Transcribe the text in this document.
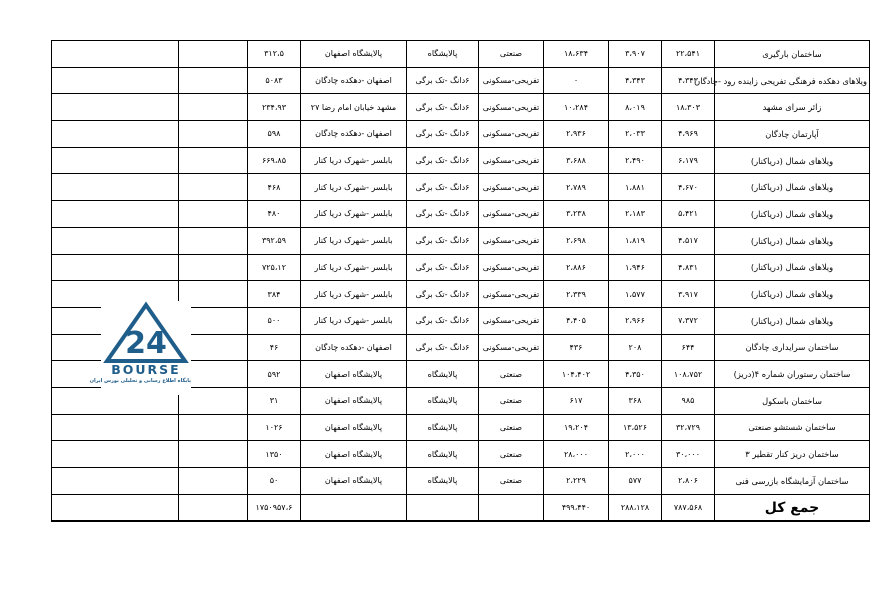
		۳۱۲،۵	پالایشگاه اصفهان	پالایشگاه	صنعتی	۱۸،۶۳۴	۳،۹۰۷	۲۲،۵۴۱	ساختمان بارگیری
		۵۰۸۳	اصفهان -دهکده چادگان	۶دانگ -تک برگی	تفریحی-مسکونی	۰	۴،۳۴۳	۴،۳۴۳	ویلاهای دهکده فرهنگی تفریحی زاینده رود -چادگان
		۲۳۴،۹۳	مشهد خیابان امام رضا ۲۷	۶دانگ -تک برگی	تفریحی-مسکونی	۱۰،۲۸۴	۸،۰۱۹	۱۸،۳۰۳	زائر سرای مشهد
		۵۹۸	اصفهان -دهکده چادگان	۶دانگ -تک برگی	تفریحی-مسکونی	۲،۹۳۶	۲،۰۳۳	۴،۹۶۹	آپارتمان چادگان
		۶۶۹،۸۵	بابلسر -شهرک دریا کنار	۶دانگ -تک برگی	تفریحی-مسکونی	۳،۶۸۸	۲،۴۹۰	۶،۱۷۹	ویلاهای شمال (دریاکنار)
		۴۶۸	بابلسر -شهرک دریا کنار	۶دانگ -تک برگی	تفریحی-مسکونی	۲،۷۸۹	۱،۸۸۱	۴،۶۷۰	ویلاهای شمال (دریاکنار)
		۴۸۰	بابلسر -شهرک دریا کنار	۶دانگ -تک برگی	تفریحی-مسکونی	۳،۲۳۸	۲،۱۸۳	۵،۴۲۱	ویلاهای شمال (دریاکنار)
		۳۹۲،۵۹	بابلسر -شهرک دریا کنار	۶دانگ -تک برگی	تفریحی-مسکونی	۲،۶۹۸	۱،۸۱۹	۴،۵۱۷	ویلاهای شمال (دریاکنار)
		۷۲۵،۱۲	بابلسر -شهرک دریا کنار	۶دانگ -تک برگی	تفریحی-مسکونی	۲،۸۸۶	۱،۹۴۶	۴،۸۳۱	ویلاهای شمال (دریاکنار)
		۳۸۴	بابلسر -شهرک دریا کنار	۶دانگ -تک برگی	تفریحی-مسکونی	۲،۳۳۹	۱،۵۷۷	۳،۹۱۷	ویلاهای شمال (دریاکنار)
		۵۰۰	بابلسر -شهرک دریا کنار	۶دانگ -تک برگی	تفریحی-مسکونی	۴،۴۰۵	۲،۹۶۶	۷،۳۷۲	ویلاهای شمال (دریاکنار)
		۴۶	اصفهان -دهکده چادگان	۶دانگ -تک برگی	تفریحی-مسکونی	۴۳۶	۲۰۸	۶۴۴	ساختمان سرایداری چادگان
		۵۹۲	پالایشگاه اصفهان	پالایشگاه	صنعتی	۱۰۴،۴۰۲	۴،۳۵۰	۱۰۸،۷۵۲	ساختمان رستوران شماره ۴(دریز)
		۳۱	پالایشگاه اصفهان	پالایشگاه	صنعتی	۶۱۷	۳۶۸	۹۸۵	ساختمان باسکول
		۱۰۲۶	پالایشگاه اصفهان	پالایشگاه	صنعتی	۱۹،۲۰۴	۱۳،۵۲۶	۳۲،۷۲۹	ساختمان شستشو صنعتی
		۱۳۵۰	پالایشگاه اصفهان	پالایشگاه	صنعتی	۲۸،۰۰۰	۲،۰۰۰	۳۰،۰۰۰	ساختمان دریز کنار تقطیر ۳
		۵۰	پالایشگاه اصفهان	پالایشگاه	صنعتی	۲،۲۲۹	۵۷۷	۲،۸۰۶	ساختمان آزمایشگاه بازرسی فنی
		۱۷۵۰۹۵۷،۶				۴۹۹،۴۴۰	۲۸۸،۱۲۸	۷۸۷،۵۶۸	جمع کل
24
BOURSE
پایگاه اطلاع رسانی و تحلیلی بورس ایران
